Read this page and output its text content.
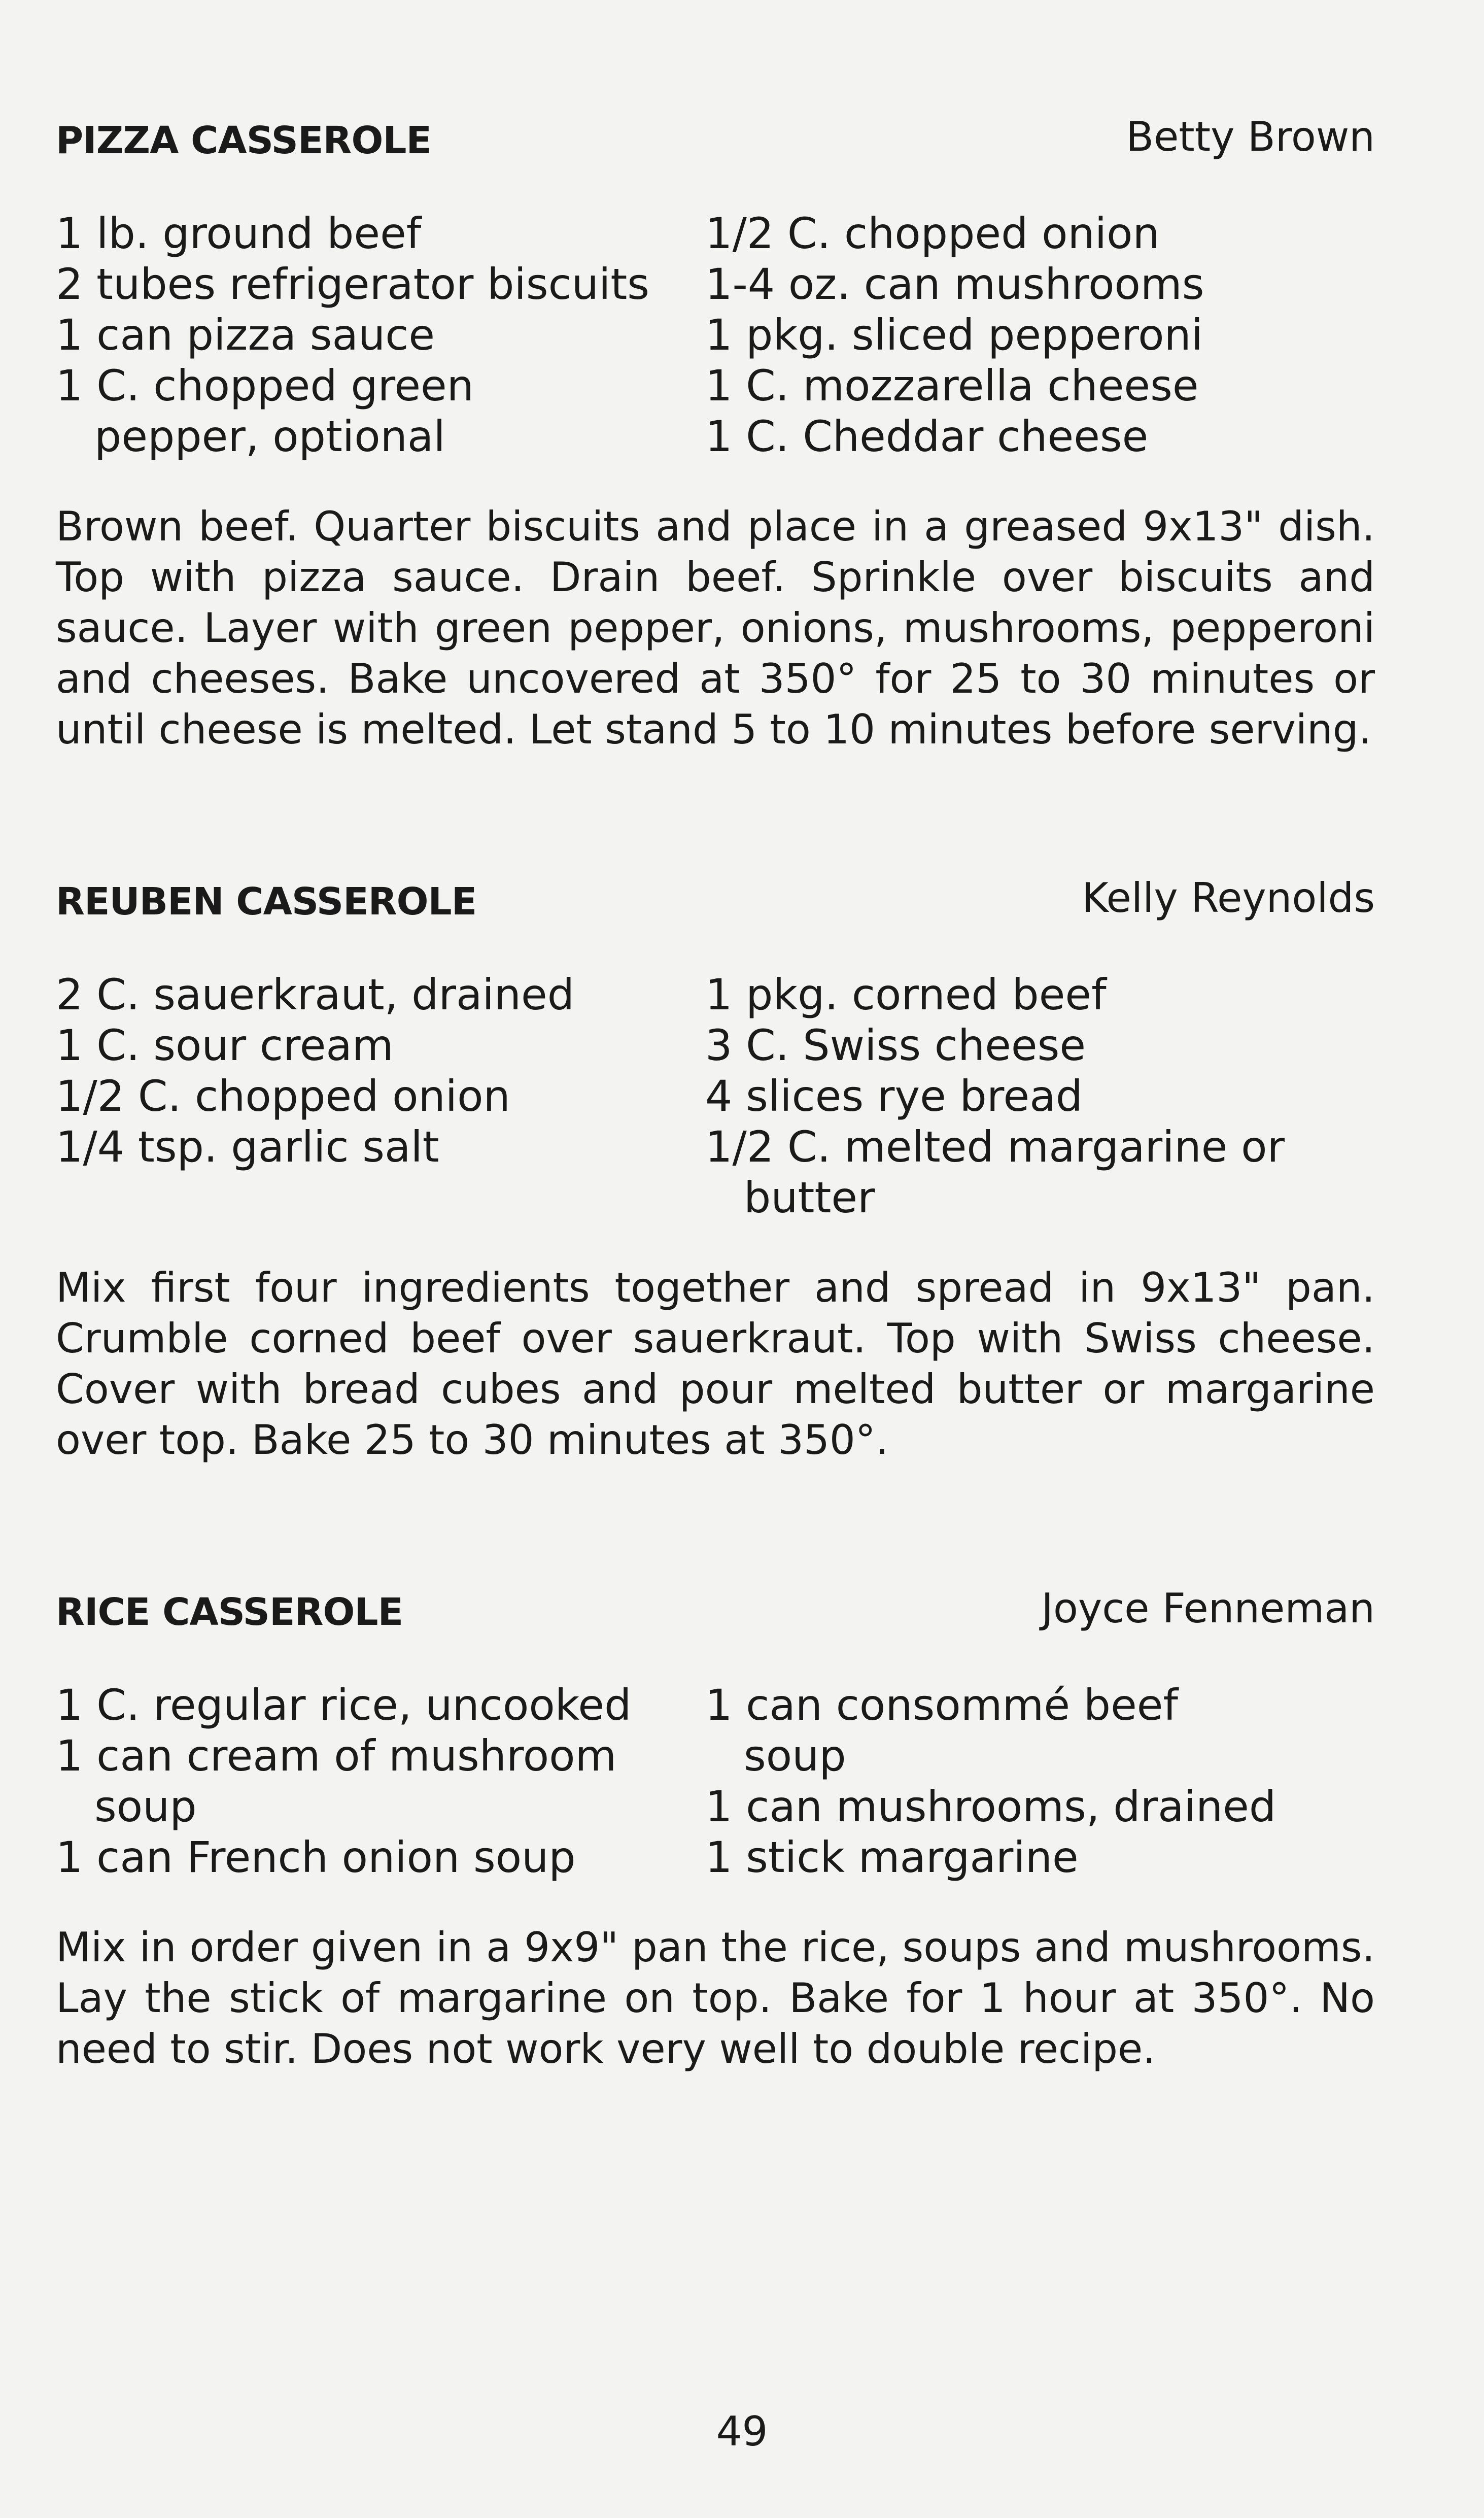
PIZZA CASSEROLE	Betty Brown
1 lb. ground beef
2 tubes refrigerator biscuits
1 can pizza sauce
1 C. chopped green
pepper, optional
1/2 C. chopped onion
1-4 oz. can mushrooms
1 pkg. sliced pepperoni
1 C. mozzarella cheese
1 C. Cheddar cheese
Brown beef. Quarter biscuits and place in a greased 9x13" dish. Top with pizza sauce. Drain beef. Sprinkle over biscuits and sauce. Layer with green pepper, onions, mushrooms, pepperoni and cheeses. Bake uncovered at 350° for 25 to 30 minutes or until cheese is melted. Let stand 5 to 10 minutes before serving.
REUBEN CASSEROLE	Kelly Reynolds
2 C. sauerkraut, drained
1 C. sour cream
1/2 C. chopped onion
1/4 tsp. garlic salt
1 pkg. corned beef
3 C. Swiss cheese
4 slices rye bread
1/2 C. melted margarine or
butter
Mix first four ingredients together and spread in 9x13" pan. Crumble corned beef over sauerkraut. Top with Swiss cheese. Cover with bread cubes and pour melted butter or margarine over top. Bake 25 to 30 minutes at 350°.
RICE CASSEROLE	Joyce Fenneman
1 C. regular rice, uncooked
1 can cream of mushroom
soup
1 can French onion soup
1 can consommé beef
soup
1 can mushrooms, drained
1 stick margarine
Mix in order given in a 9x9" pan the rice, soups and mushrooms. Lay the stick of margarine on top. Bake for 1 hour at 350°. No need to stir. Does not work very well to double recipe.
49
